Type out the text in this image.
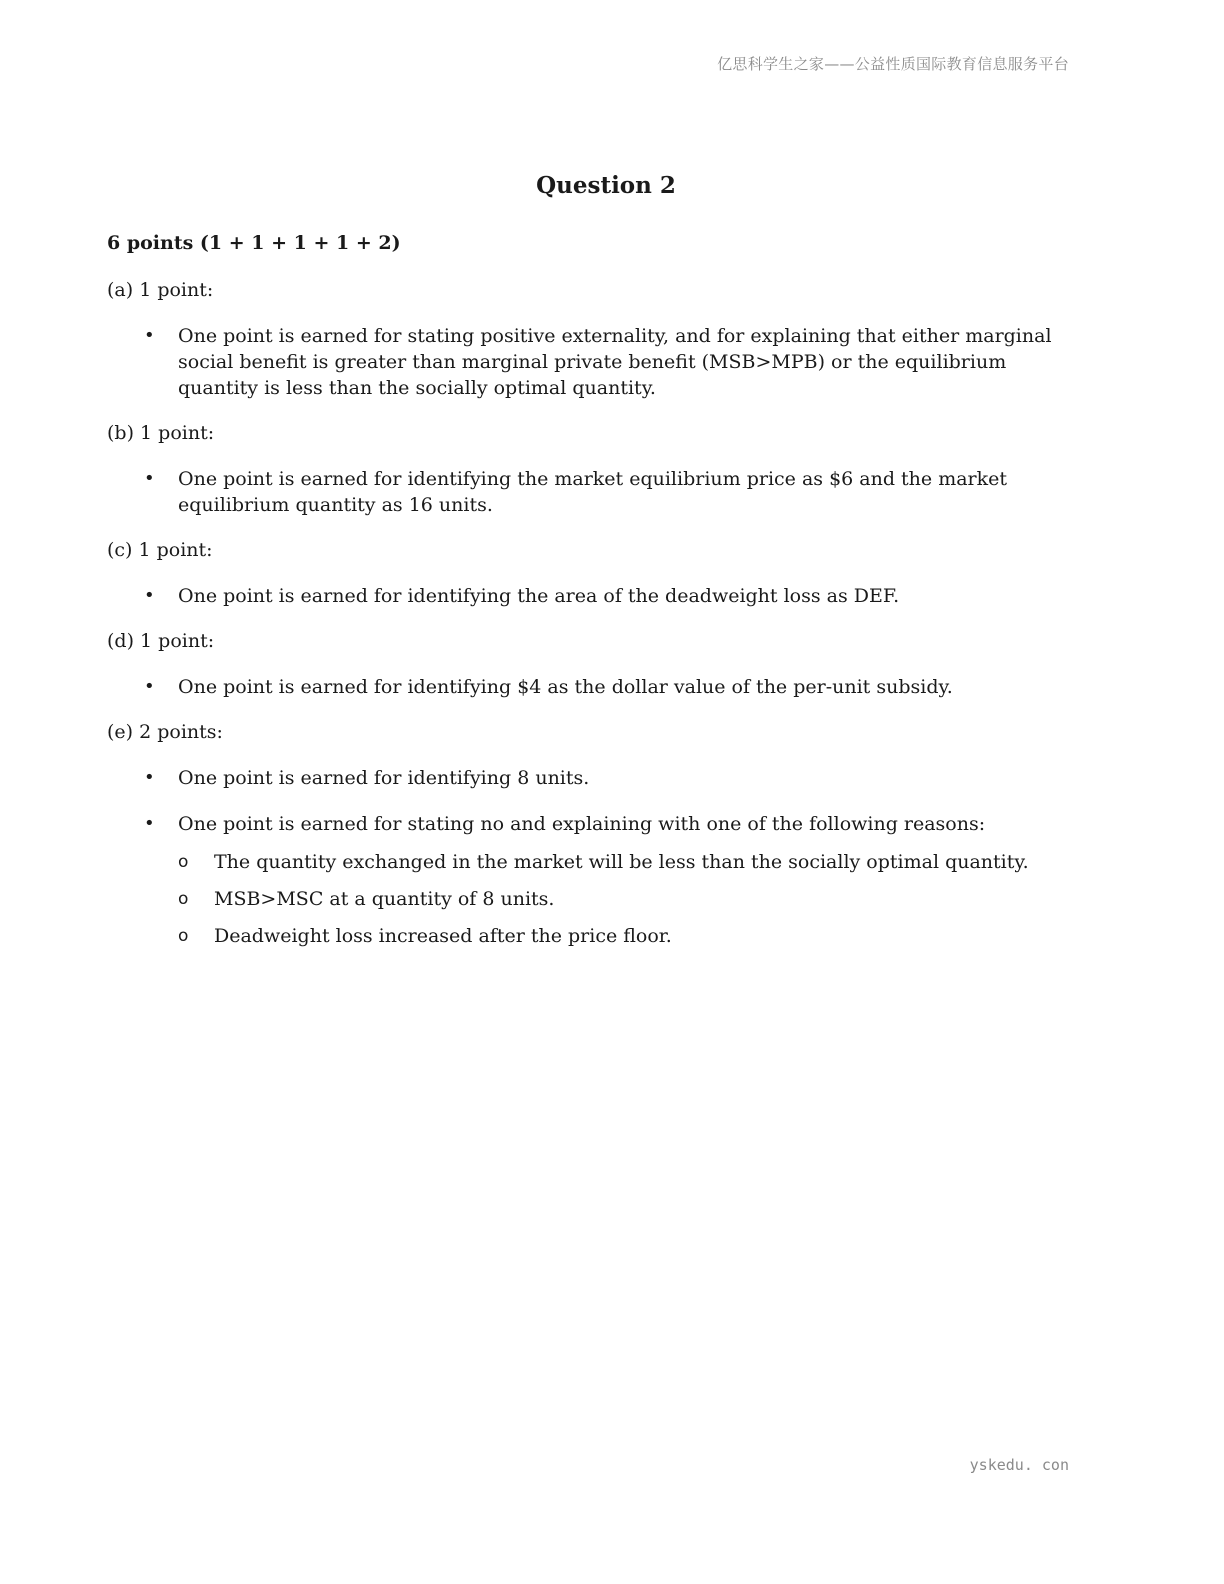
亿思科学生之家——公益性质国际教育信息服务平台
Question 2

6 points (1 + 1 + 1 + 1 + 2)

(a) 1 point:

• One point is earned for stating positive externality, and for explaining that either marginal social benefit is greater than marginal private benefit (MSB>MPB) or the equilibrium quantity is less than the socially optimal quantity.

(b) 1 point:

• One point is earned for identifying the market equilibrium price as $6 and the market equilibrium quantity as 16 units.

(c) 1 point:

• One point is earned for identifying the area of the deadweight loss as DEF.

(d) 1 point:

• One point is earned for identifying $4 as the dollar value of the per-unit subsidy.

(e) 2 points:

• One point is earned for identifying 8 units.
• One point is earned for stating no and explaining with one of the following reasons:
o The quantity exchanged in the market will be less than the socially optimal quantity.
o MSB>MSC at a quantity of 8 units.
o Deadweight loss increased after the price floor.
yskedu. con
